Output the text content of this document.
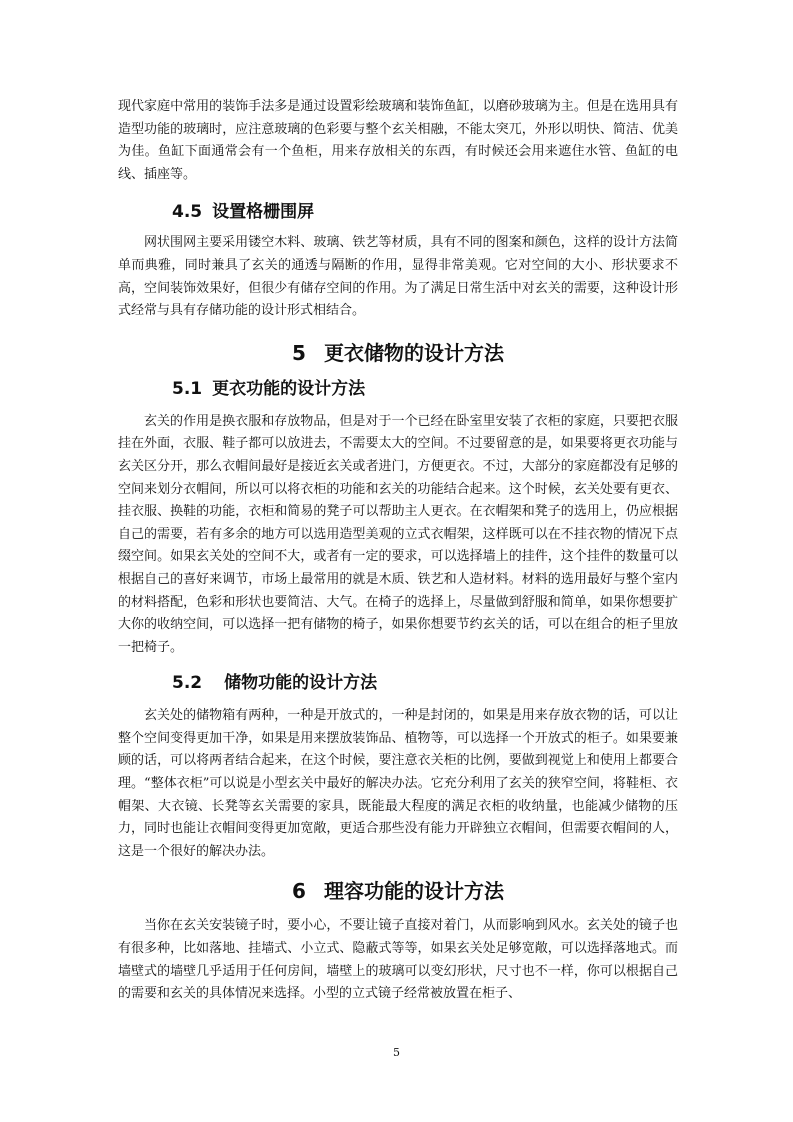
现代家庭中常用的装饰手法多是通过设置彩绘玻璃和装饰鱼缸，以磨砂玻璃为主。但是在选用具有造型功能的玻璃时，应注意玻璃的色彩要与整个玄关相融，不能太突兀，外形以明快、简洁、优美为佳。鱼缸下面通常会有一个鱼柜，用来存放相关的东西，有时候还会用来遮住水管、鱼缸的电线、插座等。

4.5 设置格栅围屏

网状围网主要采用镂空木料、玻璃、铁艺等材质，具有不同的图案和颜色，这样的设计方法简单而典雅，同时兼具了玄关的通透与隔断的作用，显得非常美观。它对空间的大小、形状要求不高，空间装饰效果好，但很少有储存空间的作用。为了满足日常生活中对玄关的需要，这种设计形式经常与具有存储功能的设计形式相结合。

5 更衣储物的设计方法
5.1 更衣功能的设计方法

玄关的作用是换衣服和存放物品，但是对于一个已经在卧室里安装了衣柜的家庭，只要把衣服挂在外面，衣服、鞋子都可以放进去，不需要太大的空间。不过要留意的是，如果要将更衣功能与玄关区分开，那么衣帽间最好是接近玄关或者进门，方便更衣。不过，大部分的家庭都没有足够的空间来划分衣帽间，所以可以将衣柜的功能和玄关的功能结合起来。这个时候，玄关处要有更衣、挂衣服、换鞋的功能，衣柜和简易的凳子可以帮助主人更衣。在衣帽架和凳子的选用上，仍应根据自己的需要，若有多余的地方可以选用造型美观的立式衣帽架，这样既可以在不挂衣物的情况下点缀空间。如果玄关处的空间不大，或者有一定的要求，可以选择墙上的挂件，这个挂件的数量可以根据自己的喜好来调节，市场上最常用的就是木质、铁艺和人造材料。材料的选用最好与整个室内的材料搭配，色彩和形状也要简洁、大气。在椅子的选择上，尽量做到舒服和简单，如果你想要扩大你的收纳空间，可以选择一把有储物的椅子，如果你想要节约玄关的话，可以在组合的柜子里放一把椅子。

5.2 储物功能的设计方法

玄关处的储物箱有两种，一种是开放式的，一种是封闭的，如果是用来存放衣物的话，可以让整个空间变得更加干净，如果是用来摆放装饰品、植物等，可以选择一个开放式的柜子。如果要兼顾的话，可以将两者结合起来，在这个时候，要注意衣关柜的比例，要做到视觉上和使用上都要合理。“整体衣柜”可以说是小型玄关中最好的解决办法。它充分利用了玄关的狭窄空间，将鞋柜、衣帽架、大衣镜、长凳等玄关需要的家具，既能最大程度的满足衣柜的收纳量，也能减少储物的压力，同时也能让衣帽间变得更加宽敞，更适合那些没有能力开辟独立衣帽间，但需要衣帽间的人，这是一个很好的解决办法。

6 理容功能的设计方法

当你在玄关安装镜子时，要小心，不要让镜子直接对着门，从而影响到风水。玄关处的镜子也有很多种，比如落地、挂墙式、小立式、隐蔽式等等，如果玄关处足够宽敞，可以选择落地式。而墙壁式的墙壁几乎适用于任何房间，墙壁上的玻璃可以变幻形状，尺寸也不一样，你可以根据自己的需要和玄关的具体情况来选择。小型的立式镜子经常被放置在柜子、

5
